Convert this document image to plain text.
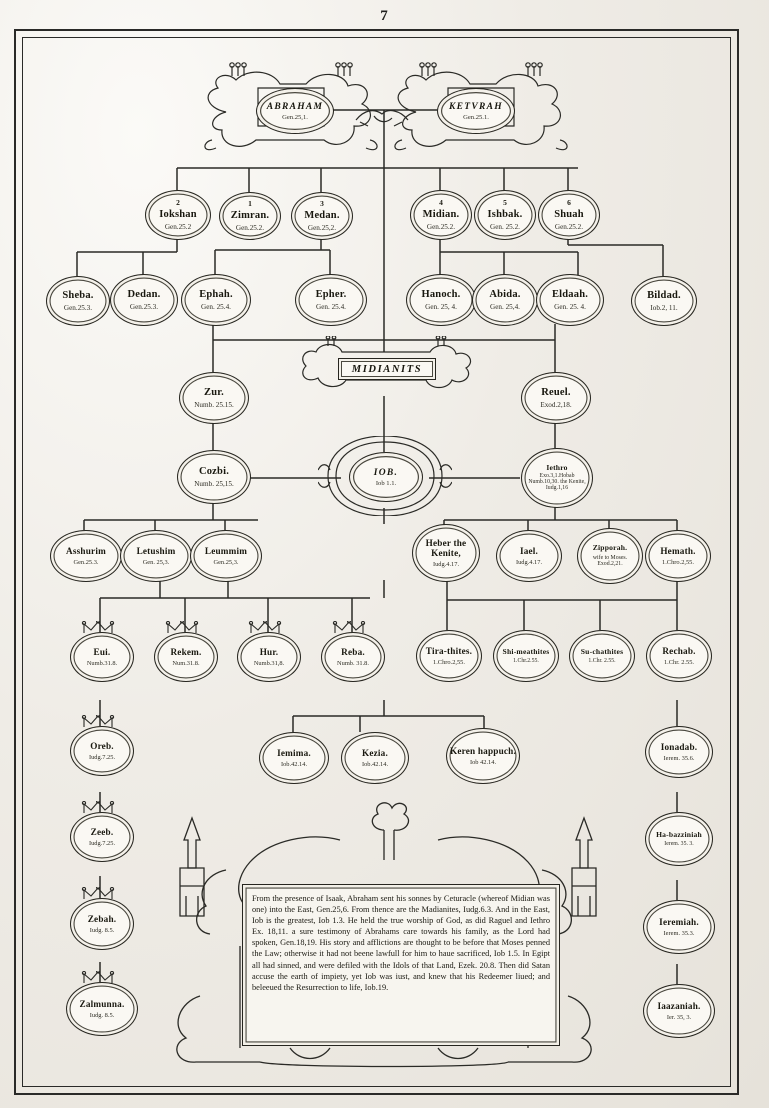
7
ABRAHAM
Gen.25,1.
KETVRAH
Gen.25.1.
2
Iokshan
Gen.25.2
1
Zimran.
Gen.25.2.
3
Medan.
Gen.25,2.
4
Midian.
Gen.25.2.
5
Ishbak.
Gen. 25.2.
6
Shuah
Gen.25.2.
Sheba.
Gen.25.3.
Dedan.
Gen.25.3.
Ephah.
Gen. 25.4.
Epher.
Gen. 25.4.
Hanoch.
Gen. 25, 4.
Abida.
Gen. 25,4.
Eldaah.
Gen. 25. 4.
Bildad.
Iob.2, 11.
MIDIANITS
Zur.
Numb. 25.15.
Reuel.
Exod.2,18.
Cozbi.
Numb. 25,15.
IOB.
Iob 1.1.
Iethro
Exo.3,1.Hobab Numb.10,30. the Kenite, Iudg.1,16
Asshurim
Gen.25.3.
Letushim
Gen. 25,3.
Leummim
Gen.25,3.
Heber the Kenite,
Iudg.4.17.
Iael.
Iudg.4.17.
Zipporah.
wife to Moses. Exod.2,21.
Hemath.
1.Chro.2,55.
Eui.
Numb.31.8.
Rekem.
Num.31.8.
Hur.
Numb.31,8.
Reba.
Numb. 31.8.
Tira-thites.
1.Chro.2,55.
Shi-meathites
1.Chr.2.55.
Su-chathites
1.Chr. 2.55.
Rechab.
1.Chr. 2.55.
Oreb.
Iudg.7.25.	Iemima.
Iob.42.14.
Kezia.
Iob.42.14.
Keren happuch.
Iob 42.14.
Ionadab.
Ierem. 35.6.
Zeeb.
Iudg.7.25.
Ha-bazziniah
Ierem. 35. 3.
Zebah.
Iudg. 8.5.
Ieremiah.
Ierem. 35.3.
Zalmunna.
Iudg. 8.5.
Iaazaniah.
Ier. 35, 3.

From the presence of Isaak, Abraham sent his sonnes by Ceturacle (whereof Midian was one) into the East, Gen.25,6. From thence are the Madianites, Iudg.6.3. And in the East, Iob is the greatest, Iob 1.3. He held the true worship of God, as did Raguel and Iethro Ex. 18,11. a sure testimony of Abrahams care towards his family, as the Lord had spoken, Gen.18,19. His story and afflictions are thought to be before that Moses penned the Law; otherwise it had not beene lawfull for him to haue sacrificed, Iob 1.5. In Egipt all had sinned, and were defiled with the Idols of that Land, Ezek. 20.8. Then did Satan accuse the earth of impiety, yet Iob was iust, and knew that his Redeemer liued; and beleeued the Resurrection to life, Iob.19.
